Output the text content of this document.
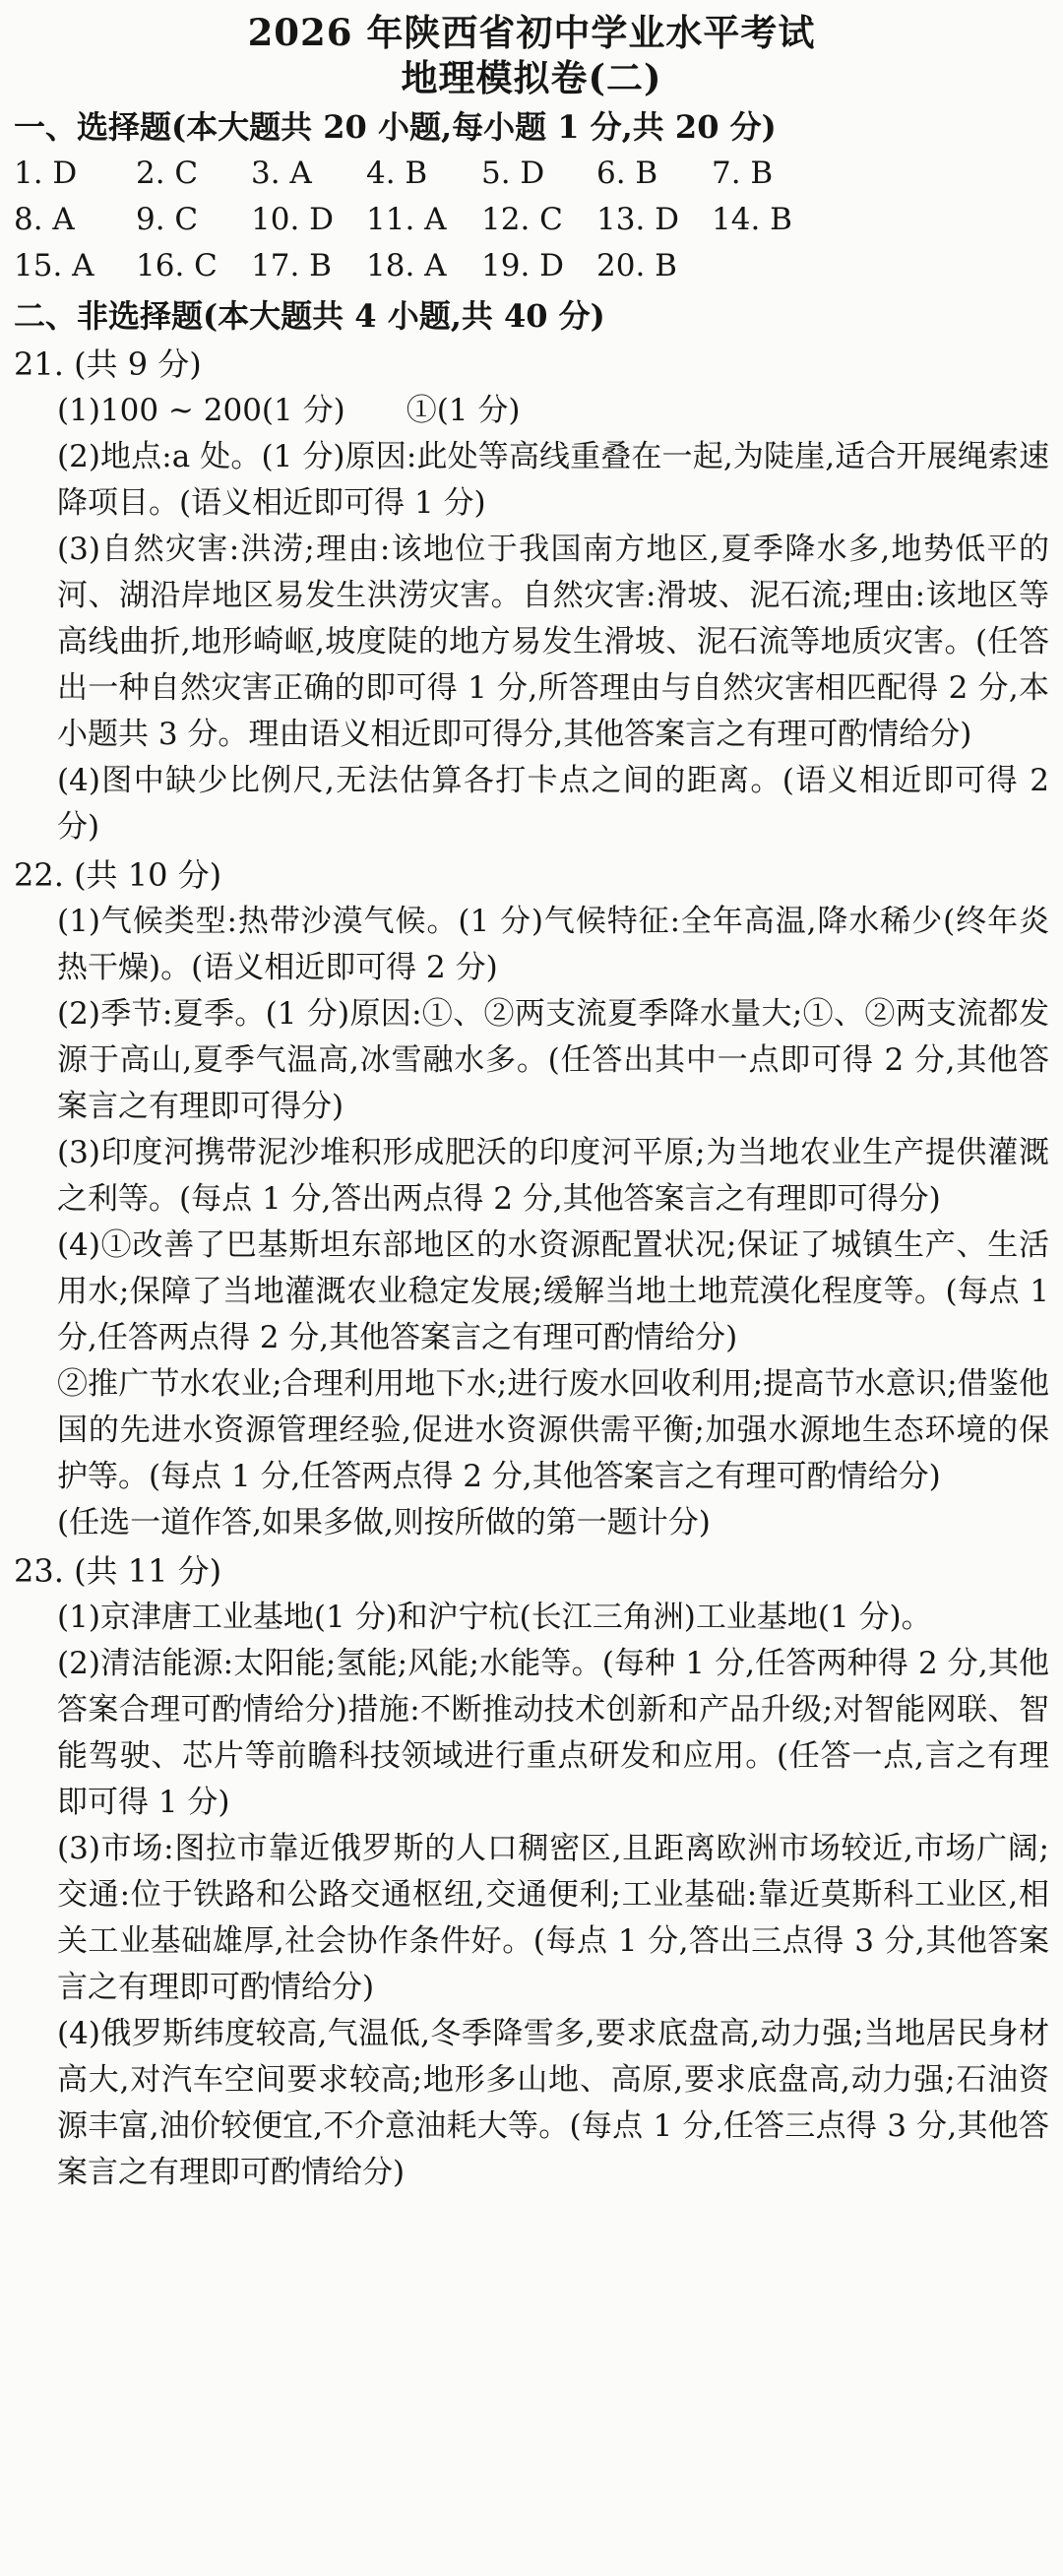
2026 年陕西省初中学业水平考试
地理模拟卷(二)
一、选择题(本大题共 20 小题,每小题 1 分,共 20 分)
1. D	2. C	3. A	4. B	5. D	6. B	7. B
8. A	9. C	10. D	11. A	12. C	13. D	14. B
15. A	16. C	17. B	18. A	19. D	20. B
二、非选择题(本大题共 4 小题,共 40 分)
21. (共 9 分)

(1)100 ~ 200(1 分)　　①(1 分)

(2)地点:a 处。(1 分)原因:此处等高线重叠在一起,为陡崖,适合开展绳索速降项目。(语义相近即可得 1 分)

(3)自然灾害:洪涝;理由:该地位于我国南方地区,夏季降水多,地势低平的河、湖沿岸地区易发生洪涝灾害。自然灾害:滑坡、泥石流;理由:该地区等高线曲折,地形崎岖,坡度陡的地方易发生滑坡、泥石流等地质灾害。(任答出一种自然灾害正确的即可得 1 分,所答理由与自然灾害相匹配得 2 分,本小题共 3 分。理由语义相近即可得分,其他答案言之有理可酌情给分)

(4)图中缺少比例尺,无法估算各打卡点之间的距离。(语义相近即可得 2 分)

22. (共 10 分)

(1)气候类型:热带沙漠气候。(1 分)气候特征:全年高温,降水稀少(终年炎热干燥)。(语义相近即可得 2 分)

(2)季节:夏季。(1 分)原因:①、②两支流夏季降水量大;①、②两支流都发源于高山,夏季气温高,冰雪融水多。(任答出其中一点即可得 2 分,其他答案言之有理即可得分)

(3)印度河携带泥沙堆积形成肥沃的印度河平原;为当地农业生产提供灌溉之利等。(每点 1 分,答出两点得 2 分,其他答案言之有理即可得分)

(4)①改善了巴基斯坦东部地区的水资源配置状况;保证了城镇生产、生活用水;保障了当地灌溉农业稳定发展;缓解当地土地荒漠化程度等。(每点 1 分,任答两点得 2 分,其他答案言之有理可酌情给分)

②推广节水农业;合理利用地下水;进行废水回收利用;提高节水意识;借鉴他国的先进水资源管理经验,促进水资源供需平衡;加强水源地生态环境的保护等。(每点 1 分,任答两点得 2 分,其他答案言之有理可酌情给分)

(任选一道作答,如果多做,则按所做的第一题计分)

23. (共 11 分)

(1)京津唐工业基地(1 分)和沪宁杭(长江三角洲)工业基地(1 分)。

(2)清洁能源:太阳能;氢能;风能;水能等。(每种 1 分,任答两种得 2 分,其他答案合理可酌情给分)措施:不断推动技术创新和产品升级;对智能网联、智能驾驶、芯片等前瞻科技领域进行重点研发和应用。(任答一点,言之有理即可得 1 分)

(3)市场:图拉市靠近俄罗斯的人口稠密区,且距离欧洲市场较近,市场广阔;交通:位于铁路和公路交通枢纽,交通便利;工业基础:靠近莫斯科工业区,相关工业基础雄厚,社会协作条件好。(每点 1 分,答出三点得 3 分,其他答案言之有理即可酌情给分)

(4)俄罗斯纬度较高,气温低,冬季降雪多,要求底盘高,动力强;当地居民身材高大,对汽车空间要求较高;地形多山地、高原,要求底盘高,动力强;石油资源丰富,油价较便宜,不介意油耗大等。(每点 1 分,任答三点得 3 分,其他答案言之有理即可酌情给分)
